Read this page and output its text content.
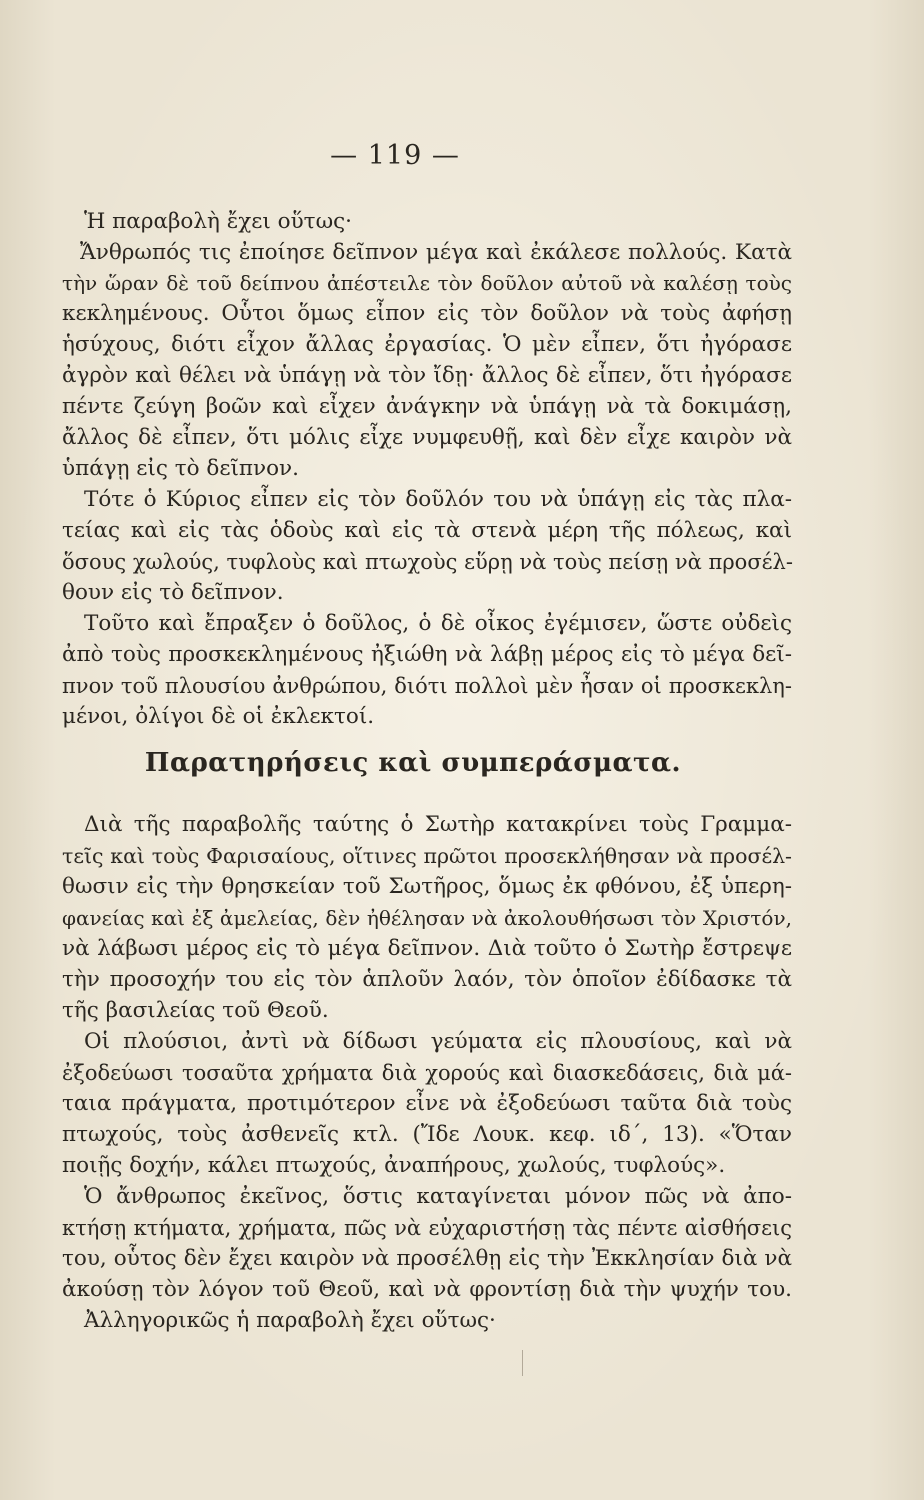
— 119 —
Ἡ παραβολὴ ἔχει οὕτως·
Ἄνθρωπός τις ἐποίησε δεῖπνον μέγα καὶ ἐκάλεσε πολλούς. Κατὰ
τὴν ὥραν δὲ τοῦ δείπνου ἀπέστειλε τὸν δοῦλον αὐτοῦ νὰ καλέσῃ τοὺς
κεκλημένους. Οὗτοι ὅμως εἶπον εἰς τὸν δοῦλον νὰ τοὺς ἀφήσῃ
ἡσύχους, διότι εἶχον ἄλλας ἐργασίας. Ὁ μὲν εἶπεν, ὅτι ἠγόρασε
ἀγρὸν καὶ θέλει νὰ ὑπάγῃ νὰ τὸν ἴδῃ· ἄλλος δὲ εἶπεν, ὅτι ἠγόρασε
πέντε ζεύγη βοῶν καὶ εἶχεν ἀνάγκην νὰ ὑπάγῃ νὰ τὰ δοκιμάσῃ,
ἄλλος δὲ εἶπεν, ὅτι μόλις εἶχε νυμφευθῇ, καὶ δὲν εἶχε καιρὸν νὰ
ὑπάγῃ εἰς τὸ δεῖπνον.
Τότε ὁ Κύριος εἶπεν εἰς τὸν δοῦλόν του νὰ ὑπάγῃ εἰς τὰς πλα-
τείας καὶ εἰς τὰς ὁδοὺς καὶ εἰς τὰ στενὰ μέρη τῆς πόλεως, καὶ
ὅσους χωλούς, τυφλοὺς καὶ πτωχοὺς εὕρῃ νὰ τοὺς πείσῃ νὰ προσέλ-
θουν εἰς τὸ δεῖπνον.
Τοῦτο καὶ ἔπραξεν ὁ δοῦλος, ὁ δὲ οἶκος ἐγέμισεν, ὥστε οὐδεὶς
ἀπὸ τοὺς προσκεκλημένους ἠξιώθη νὰ λάβῃ μέρος εἰς τὸ μέγα δεῖ-
πνον τοῦ πλουσίου ἀνθρώπου, διότι πολλοὶ μὲν ἦσαν οἱ προσκεκλη-
μένοι, ὀλίγοι δὲ οἱ ἐκλεκτοί.
Παρατηρήσεις καὶ συμπεράσματα.
Διὰ τῆς παραβολῆς ταύτης ὁ Σωτὴρ κατακρίνει τοὺς Γραμμα-
τεῖς καὶ τοὺς Φαρισαίους, οἵτινες πρῶτοι προσεκλήθησαν νὰ προσέλ-
θωσιν εἰς τὴν θρησκείαν τοῦ Σωτῆρος, ὅμως ἐκ φθόνου, ἐξ ὑπερη-
φανείας καὶ ἐξ ἀμελείας, δὲν ἠθέλησαν νὰ ἀκολουθήσωσι τὸν Χριστόν,
νὰ λάβωσι μέρος εἰς τὸ μέγα δεῖπνον. Διὰ τοῦτο ὁ Σωτὴρ ἔστρεψε
τὴν προσοχήν του εἰς τὸν ἁπλοῦν λαόν, τὸν ὁποῖον ἐδίδασκε τὰ
τῆς βασιλείας τοῦ Θεοῦ.
Οἱ πλούσιοι, ἀντὶ νὰ δίδωσι γεύματα εἰς πλουσίους, καὶ νὰ
ἐξοδεύωσι τοσαῦτα χρήματα διὰ χορούς καὶ διασκεδάσεις, διὰ μά-
ταια πράγματα, προτιμότερον εἶνε νὰ ἐξοδεύωσι ταῦτα διὰ τοὺς
πτωχούς, τοὺς ἀσθενεῖς κτλ. (Ἴδε Λουκ. κεφ. ιδ΄, 13). «Ὅταν
ποιῇς δοχήν, κάλει πτωχούς, ἀναπήρους, χωλούς, τυφλούς».
Ὁ ἄνθρωπος ἐκεῖνος, ὅστις καταγίνεται μόνον πῶς νὰ ἀπο-
κτήσῃ κτήματα, χρήματα, πῶς νὰ εὐχαριστήσῃ τὰς πέντε αἰσθήσεις
του, οὗτος δὲν ἔχει καιρὸν νὰ προσέλθῃ εἰς τὴν Ἐκκλησίαν διὰ νὰ
ἀκούσῃ τὸν λόγον τοῦ Θεοῦ, καὶ νὰ φροντίσῃ διὰ τὴν ψυχήν του.
Ἀλληγορικῶς ἡ παραβολὴ ἔχει οὕτως·
